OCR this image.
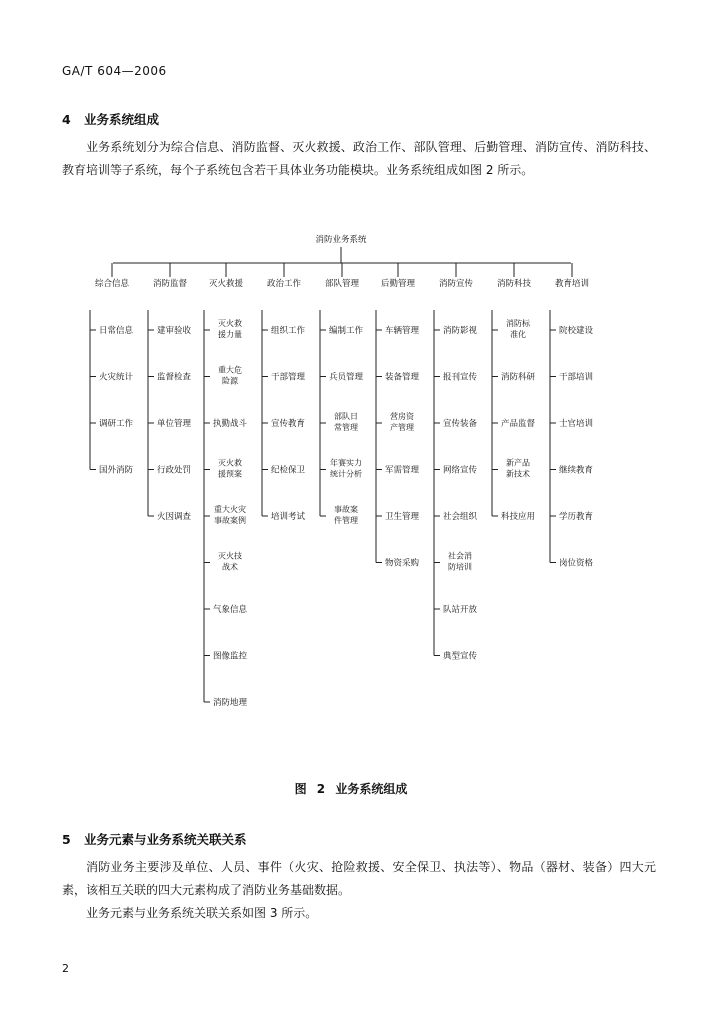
GA/T 604—2006
4 业务系统组成
业务系统划分为综合信息、消防监督、灭火救援、政治工作、部队管理、后勤管理、消防宣传、消防科技、教育培训等子系统，每个子系统包含若干具体业务功能模块。业务系统组成如图 2 所示。
消防业务系统
综合信息
日常信息
火灾统计
调研工作
国外消防
消防监督
建审验收
监督检查
单位管理
行政处罚
火因调查
灭火救援
灭火救援力量
重大危险源
执勤战斗
灭火救援预案
重大火灾事故案例
灭火技战术
气象信息
图像监控
消防地理
政治工作
组织工作
干部管理
宣传教育
纪检保卫
培训考试
部队管理
编制工作
兵员管理
部队日常管理
年赛实力统计分析
事故案件管理
后勤管理
车辆管理
装备管理
营房资产管理
军需管理
卫生管理
物资采购
消防宣传
消防影视
报刊宣传
宣传装备
网络宣传
社会组织
社会消防培训
队站开放
典型宣传
消防科技
消防标准化
消防科研
产品监督
新产品新技术
科技应用
教育培训
院校建设
干部培训
士官培训
继续教育
学历教育
岗位资格
图 2 业务系统组成
5 业务元素与业务系统关联关系
消防业务主要涉及单位、人员、事件（火灾、抢险救援、安全保卫、执法等）、物品（器材、装备）四大元素，该相互关联的四大元素构成了消防业务基础数据。
业务元素与业务系统关联关系如图 3 所示。
2
